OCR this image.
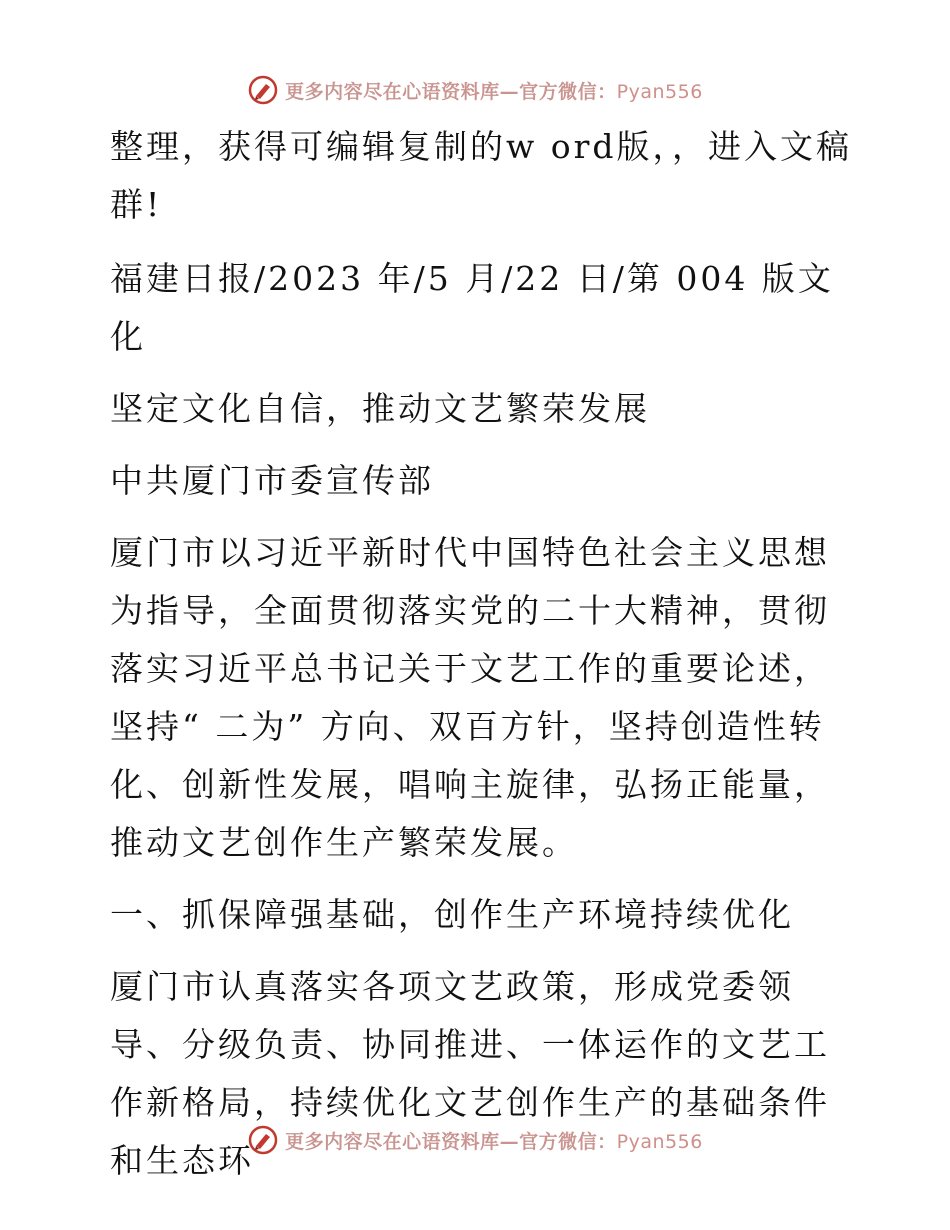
更多内容尽在心语资料库—官方微信：Pyan556

整理，获得可编辑复制的w ord版，，进入文稿群!

福建日报/2023 年/5 月/22 日/第 004 版文化

坚定文化自信，推动文艺繁荣发展

中共厦门市委宣传部

厦门市以习近平新时代中国特色社会主义思想为指导，全面贯彻落实党的二十大精神，贯彻落实习近平总书记关于文艺工作的重要论述，坚持“ 二为” 方向、双百方针，坚持创造性转化、创新性发展，唱响主旋律，弘扬正能量，推动文艺创作生产繁荣发展。

一、抓保障强基础，创作生产环境持续优化

厦门市认真落实各项文艺政策，形成党委领导、分级负责、协同推进、一体运作的文艺工作新格局，持续优化文艺创作生产的基础条件和生态环	更多内容尽在心语资料库—官方微信：Pyan556
